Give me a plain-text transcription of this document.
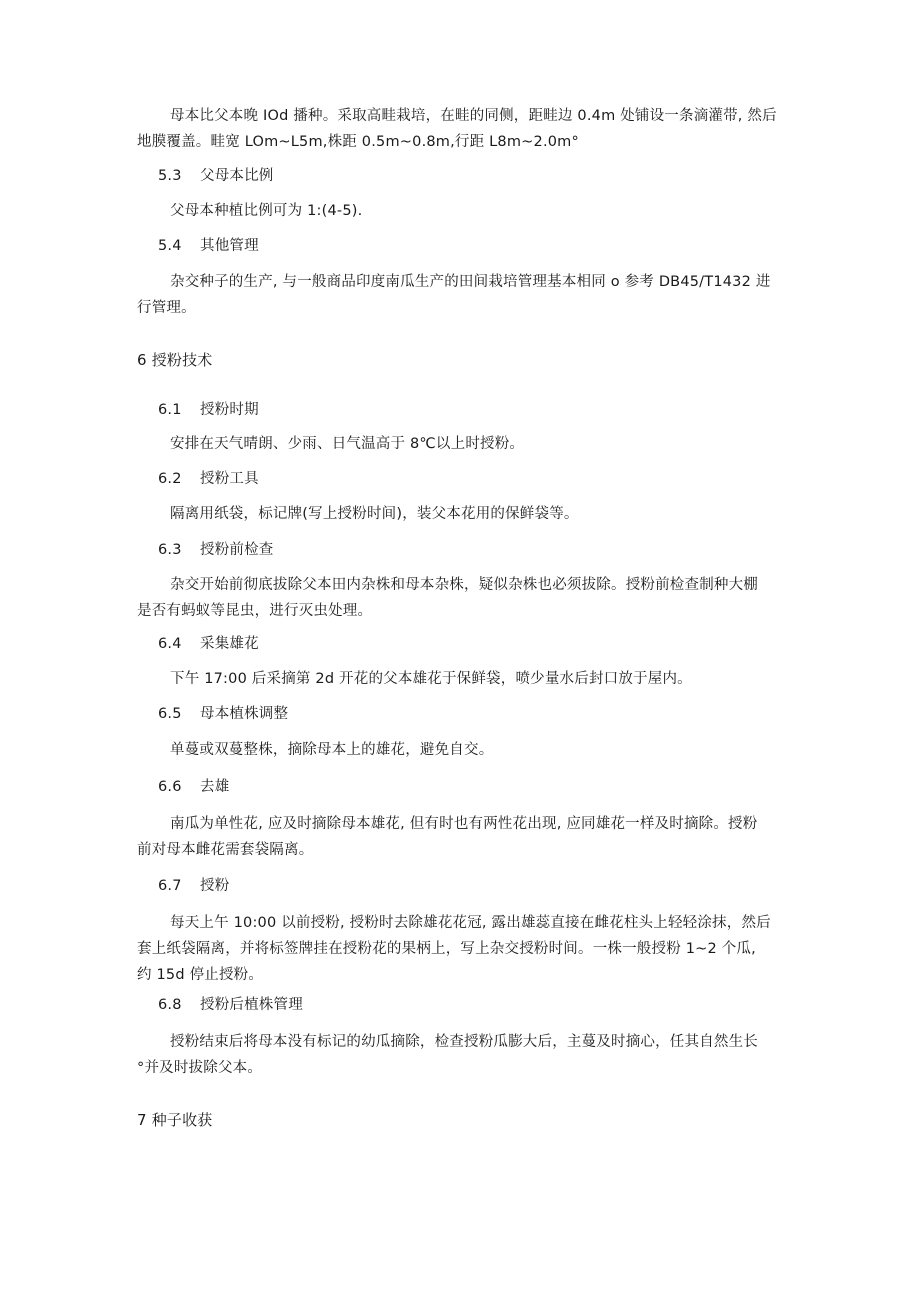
母本比父本晚 IOd 播种。采取高畦栽培，在畦的同侧，距畦边 0.4m 处铺设一条滴灌带, 然后
地膜覆盖。畦宽 LOm~L5m,株距 0.5m~0.8m,行距 L8m~2.0m°
5.3 父母本比例
父母本种植比例可为 1:(4-5).
5.4 其他管理
杂交种子的生产, 与一般商品印度南瓜生产的田间栽培管理基本相同 o 参考 DB45/T1432 进
行管理。
6 授粉技术
6.1 授粉时期
安排在天气晴朗、少雨、日气温高于 8℃以上时授粉。
6.2 授粉工具
隔离用纸袋，标记牌(写上授粉时间)，装父本花用的保鲜袋等。
6.3 授粉前检查
杂交开始前彻底拔除父本田内杂株和母本杂株，疑似杂株也必须拔除。授粉前检查制种大棚
是否有蚂蚁等昆虫，进行灭虫处理。
6.4 采集雄花
下午 17:00 后采摘第 2d 开花的父本雄花于保鲜袋，喷少量水后封口放于屋内。
6.5 母本植株调整
单蔓或双蔓整株，摘除母本上的雄花，避免自交。
6.6 去雄
南瓜为单性花, 应及时摘除母本雄花, 但有时也有两性花出现, 应同雄花一样及时摘除。授粉
前对母本雌花需套袋隔离。
6.7 授粉
每天上午 10:00 以前授粉, 授粉时去除雄花花冠, 露出雄蕊直接在雌花柱头上轻轻涂抹，然后
套上纸袋隔离，并将标签牌挂在授粉花的果柄上，写上杂交授粉时间。一株一般授粉 1~2 个瓜,
约 15d 停止授粉。
6.8 授粉后植株管理
授粉结束后将母本没有标记的幼瓜摘除，检查授粉瓜膨大后，主蔓及时摘心，任其自然生长
°并及时拔除父本。
7 种子收获
